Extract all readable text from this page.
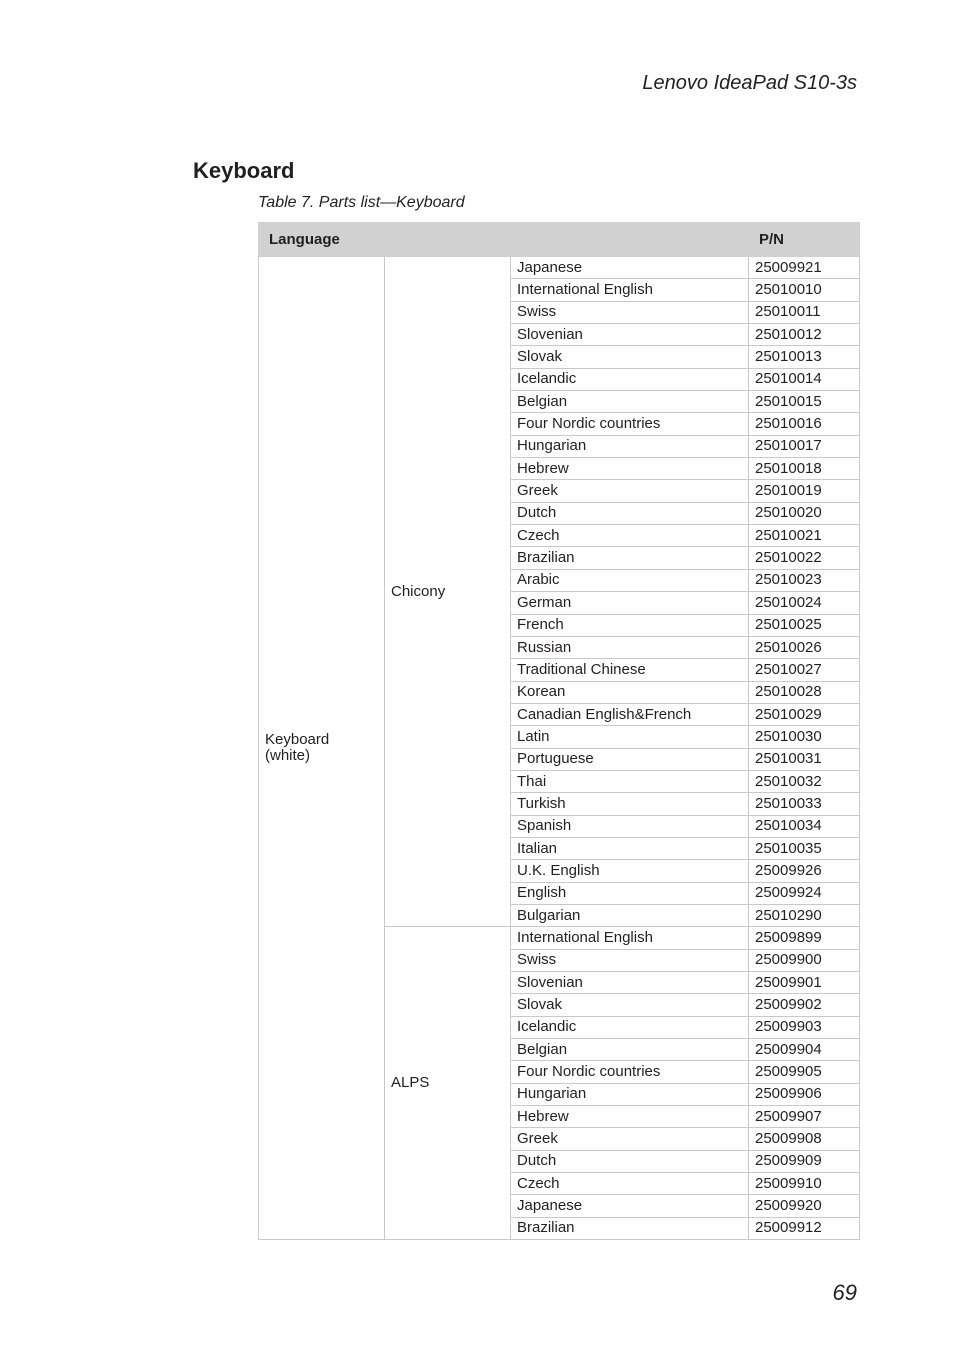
Lenovo IdeaPad S10-3s
Keyboard
Table 7. Parts list—Keyboard
Language			P/N

Keyboard
(white)	Chicony	Japanese	25009921
		International English	25010010
		Swiss	25010011
		Slovenian	25010012
		Slovak	25010013
		Icelandic	25010014
		Belgian	25010015
		Four Nordic countries	25010016
		Hungarian	25010017
		Hebrew	25010018
		Greek	25010019
		Dutch	25010020
		Czech	25010021
		Brazilian	25010022
		Arabic	25010023
		German	25010024
		French	25010025
		Russian	25010026
		Traditional Chinese	25010027
		Korean	25010028
		Canadian English&French	25010029
		Latin	25010030
		Portuguese	25010031
		Thai	25010032
		Turkish	25010033
		Spanish	25010034
		Italian	25010035
		U.K. English	25009926
		English	25009924
		Bulgarian	25010290
	ALPS	International English	25009899
		Swiss	25009900
		Slovenian	25009901
		Slovak	25009902
		Icelandic	25009903
		Belgian	25009904
		Four Nordic countries	25009905
		Hungarian	25009906
		Hebrew	25009907
		Greek	25009908
		Dutch	25009909
		Czech	25009910
		Japanese	25009920
		Brazilian	25009912
69
